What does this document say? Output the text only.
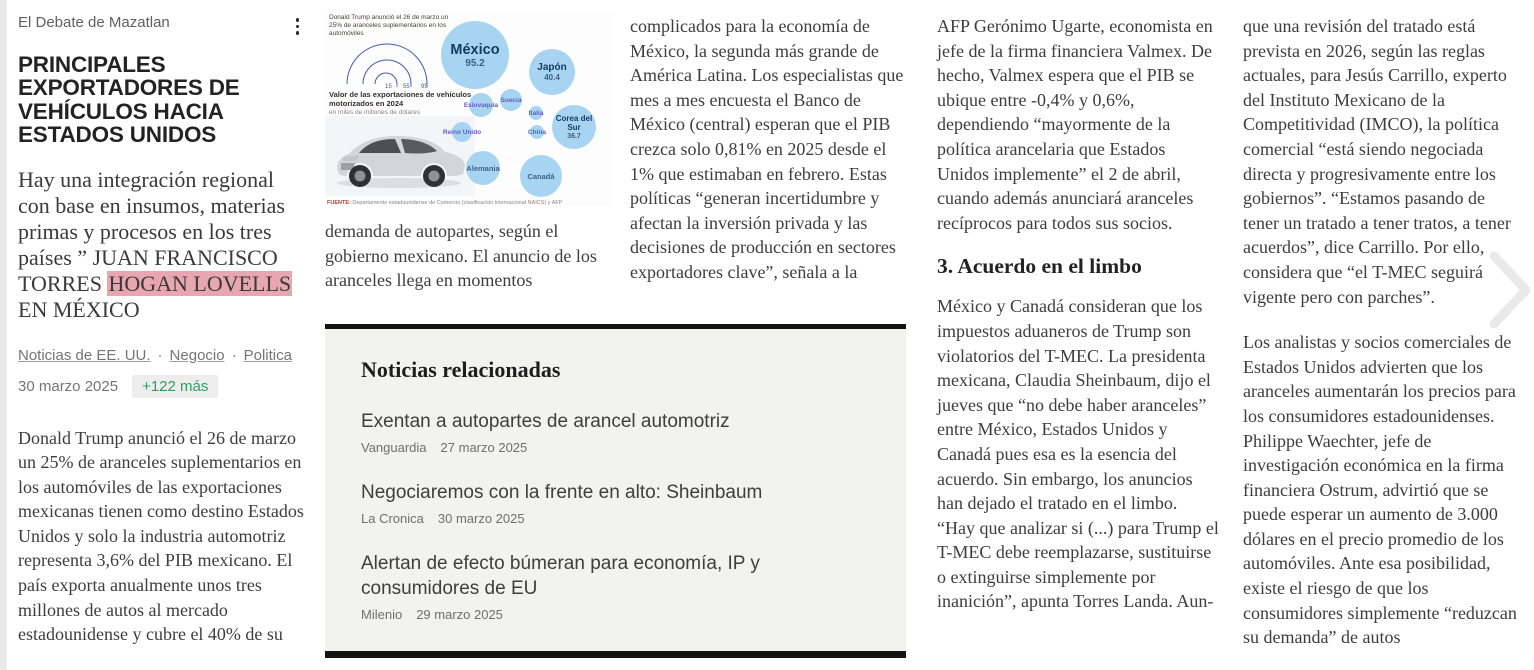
El Debate de Mazatlan
PRINCIPALES EXPORTADORES DE VEHÍCULOS HACIA ESTADOS UNIDOS
Hay una integración regional con base en insumos, materias primas y procesos en los tres países ” JUAN FRANCISCO TORRES HOGAN LOVELLS EN MÉXICO
Noticias de EE. UU. · Negocio · Politica
30 marzo 2025	+122 más

Donald Trump anunció el 26 de marzo un 25% de aranceles suplementarios en los automóviles de las exportaciones mexicanas tienen como destino Estados Unidos y solo la industria automotriz representa 3,6% del PIB mexicano. El país exporta anualmente unos tres millones de autos al mercado estadounidense y cubre el 40% de su

Donald Trump anunció el 26 de marzo un 25% de aranceles suplementarios en los automóviles
15 55 95
Valor de las exportaciones de vehículos motorizados en 2024
en miles de millones de dólares
México
95.2	Japón
40.4
Corea del Sur
36.7
Canadá
Alemania
Suecia
Eslovaquia
Reino Unido
Italia
China
FUENTE: Departamento estadounidense de Comercio (clasificación internacional NAICS) y AFP

demanda de autopartes, según el gobierno mexicano. El anuncio de los aranceles llega en momentos

Noticias relacionadas
Exentan a autopartes de arancel automotriz
Vanguardia 27 marzo 2025
Negociaremos con la frente en alto: Sheinbaum
La Cronica 30 marzo 2025
Alertan de efecto búmeran para economía, IP y consumidores de EU
Milenio 29 marzo 2025

complicados para la economía de México, la segunda más grande de América Latina. Los especialistas que mes a mes encuesta el Banco de México (central) esperan que el PIB crezca solo 0,81% en 2025 desde el 1% que estimaban en febrero. Estas políticas “generan incertidumbre y afectan la inversión privada y las decisiones de producción en sectores exportadores clave”, señala a la

AFP Gerónimo Ugarte, economista en jefe de la firma financiera Valmex. De hecho, Valmex espera que el PIB se ubique entre -0,4% y 0,6%, dependiendo “mayormente de la política arancelaria que Estados Unidos implemente” el 2 de abril, cuando además anunciará aranceles recíprocos para todos sus socios.

3. Acuerdo en el limbo

México y Canadá consideran que los impuestos aduaneros de Trump son violatorios del T-MEC. La presidenta mexicana, Claudia Sheinbaum, dijo el jueves que “no debe haber aranceles” entre México, Estados Unidos y Canadá pues esa es la esencia del acuerdo. Sin embargo, los anuncios han dejado el tratado en el limbo. “Hay que analizar si (...) para Trump el T-MEC debe reemplazarse, sustituirse o extinguirse simplemente por inanición”, apunta Torres Landa. Aun-

que una revisión del tratado está prevista en 2026, según las reglas actuales, para Jesús Carrillo, experto del Instituto Mexicano de la Competitividad (IMCO), la política comercial “está siendo negociada directa y progresivamente entre los gobiernos”. “Estamos pasando de tener un tratado a tener tratos, a tener acuerdos”, dice Carrillo. Por ello, considera que “el T-MEC seguirá vigente pero con parches”.

Los analistas y socios comerciales de Estados Unidos advierten que los aranceles aumentarán los precios para los consumidores estadounidenses. Philippe Waechter, jefe de investigación económica en la firma financiera Ostrum, advirtió que se puede esperar un aumento de 3.000 dólares en el precio promedio de los automóviles. Ante esa posibilidad, existe el riesgo de que los consumidores simplemente “reduzcan su demanda” de autos
